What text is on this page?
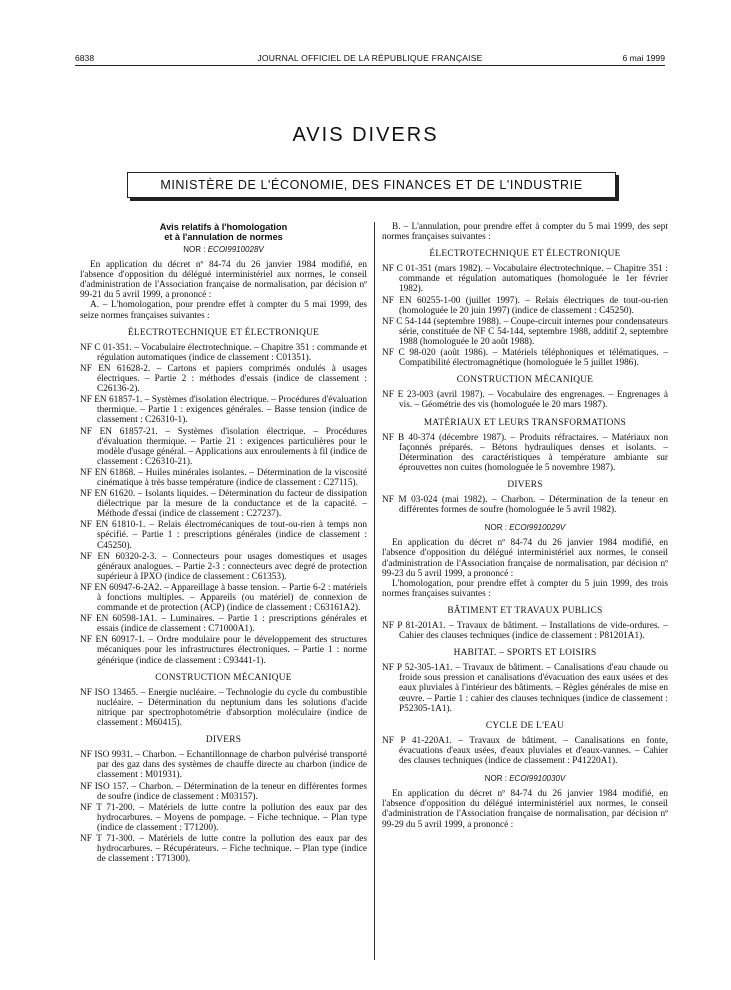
6838	JOURNAL OFFICIEL DE LA RÉPUBLIQUE FRANÇAISE	6 mai 1999
AVIS DIVERS
MINISTÈRE DE L'ÉCONOMIE, DES FINANCES ET DE L'INDUSTRIE
Avis relatifs à l'homologation
et à l'annulation de normes
NOR : ECOI9910028V

En application du décret nº 84-74 du 26 janvier 1984 modifié, en l'absence d'opposition du délégué interministériel aux normes, le conseil d'administration de l'Association française de normalisation, par décision nº 99-21 du 5 avril 1999, a prononcé :

A. – L'homologation, pour prendre effet à compter du 5 mai 1999, des seize normes françaises suivantes :

ÉLECTROTECHNIQUE ET ÉLECTRONIQUE
NF C 01-351. – Vocabulaire électrotechnique. – Chapitre 351 : commande et régulation automatiques (indice de classement : C01351).
NF EN 61628-2. – Cartons et papiers comprimés ondulés à usages électriques. – Partie 2 : méthodes d'essais (indice de classement : C26136-2).
NF EN 61857-1. – Systèmes d'isolation électrique. – Procédures d'évaluation thermique. – Partie 1 : exigences générales. – Basse tension (indice de classement : C26310-1).
NF EN 61857-21. – Systèmes d'isolation électrique. – Procédures d'évaluation thermique. – Partie 21 : exigences particulières pour le modèle d'usage général. – Applications aux enroulements à fil (indice de classement : C26310-21).
NF EN 61868. – Huiles minérales isolantes. – Détermination de la viscosité cinématique à très basse température (indice de classement : C27115).
NF EN 61620. – Isolants liquides. – Détermination du facteur de dissipation diélectrique par la mesure de la conductance et de la capacité. – Méthode d'essai (indice de classement : C27237).
NF EN 61810-1. – Relais électromécaniques de tout-ou-rien à temps non spécifié. – Partie 1 : prescriptions générales (indice de classement : C45250).
NF EN 60320-2-3. – Connecteurs pour usages domestiques et usages généraux analogues. – Partie 2-3 : connecteurs avec degré de protection supérieur à IPXO (indice de classement : C61353).
NF EN 60947-6-2A2. – Appareillage à basse tension. – Partie 6-2 : matériels à fonctions multiples. – Appareils (ou matériel) de connexion de commande et de protection (ACP) (indice de classement : C63161A2).
NF EN 60598-1A1. – Luminaires. – Partie 1 : prescriptions générales et essais (indice de classement : C71000A1).
NF EN 60917-1. – Ordre modulaire pour le développement des structures mécaniques pour les infrastructures électroniques. – Partie 1 : norme générique (indice de classement : C93441-1).
CONSTRUCTION MÉCANIQUE
NF ISO 13465. – Energie nucléaire. – Technologie du cycle du combustible nucléaire. – Détermination du neptunium dans les solutions d'acide nitrique par spectrophotométrie d'absorption moléculaire (indice de classement : M60415).
DIVERS
NF ISO 9931. – Charbon. – Echantillonnage de charbon pulvérisé transporté par des gaz dans des systèmes de chauffe directe au charbon (indice de classement : M01931).
NF ISO 157. – Charbon. – Détermination de la teneur en différentes formes de soufre (indice de classement : M03157).
NF T 71-200. – Matériels de lutte contre la pollution des eaux par des hydrocarbures. – Moyens de pompage. – Fiche technique. – Plan type (indice de classement : T71200).
NF T 71-300. – Matériels de lutte contre la pollution des eaux par des hydrocarbures. – Récupérateurs. – Fiche technique. – Plan type (indice de classement : T71300).

B. – L'annulation, pour prendre effet à compter du 5 mai 1999, des sept normes françaises suivantes :

ÉLECTROTECHNIQUE ET ÉLECTRONIQUE
NF C 01-351 (mars 1982). – Vocabulaire électrotechnique. – Chapitre 351 : commande et régulation automatiques (homologuée le 1er février 1982).
NF EN 60255-1-00 (juillet 1997). – Relais électriques de tout-ou-rien (homologuée le 20 juin 1997) (indice de classement : C45250).
NF C 54-144 (septembre 1988). – Coupe-circuit internes pour condensateurs série, constituée de NF C 54-144, septembre 1988, additif 2, septembre 1988 (homologuée le 20 août 1988).
NF C 98-020 (août 1986). – Matériels téléphoniques et télématiques. – Compatibilité électromagnétique (homologuée le 5 juillet 1986).
CONSTRUCTION MÉCANIQUE
NF E 23-003 (avril 1987). – Vocabulaire des engrenages. – Engrenages à vis. – Géométrie des vis (homologuée le 20 mars 1987).
MATÉRIAUX ET LEURS TRANSFORMATIONS
NF B 40-374 (décembre 1987). – Produits réfractaires. – Matériaux non façonnés préparés. – Bétons hydrauliques denses et isolants. – Détermination des caractéristiques à température ambiante sur éprouvettes non cuites (homologuée le 5 novembre 1987).
DIVERS
NF M 03-024 (mai 1982). – Charbon. – Détermination de la teneur en différentes formes de soufre (homologuée le 5 avril 1982).
NOR : ECOI9910029V

En application du décret nº 84-74 du 26 janvier 1984 modifié, en l'absence d'opposition du délégué interministériel aux normes, le conseil d'administration de l'Association française de normalisation, par décision nº 99-23 du 5 avril 1999, a prononcé :

L'homologation, pour prendre effet à compter du 5 juin 1999, des trois normes françaises suivantes :

BÂTIMENT ET TRAVAUX PUBLICS
NF P 81-201A1. – Travaux de bâtiment. – Installations de vide-ordures. – Cahier des clauses techniques (indice de classement : P81201A1).
HABITAT. – SPORTS ET LOISIRS
NF P 52-305-1A1. – Travaux de bâtiment. – Canalisations d'eau chaude ou froide sous pression et canalisations d'évacuation des eaux usées et des eaux pluviales à l'intérieur des bâtiments. – Règles générales de mise en œuvre. – Partie 1 : cahier des clauses techniques (indice de classement : P52305-1A1).
CYCLE DE L'EAU
NF P 41-220A1. – Travaux de bâtiment. – Canalisations en fonte, évacuations d'eaux usées, d'eaux pluviales et d'eaux-vannes. – Cahier des clauses techniques (indice de classement : P41220A1).
NOR : ECOI9910030V

En application du décret nº 84-74 du 26 janvier 1984 modifié, en l'absence d'opposition du délégué interministériel aux normes, le conseil d'administration de l'Association française de normalisation, par décision nº 99-29 du 5 avril 1999, a prononcé :
